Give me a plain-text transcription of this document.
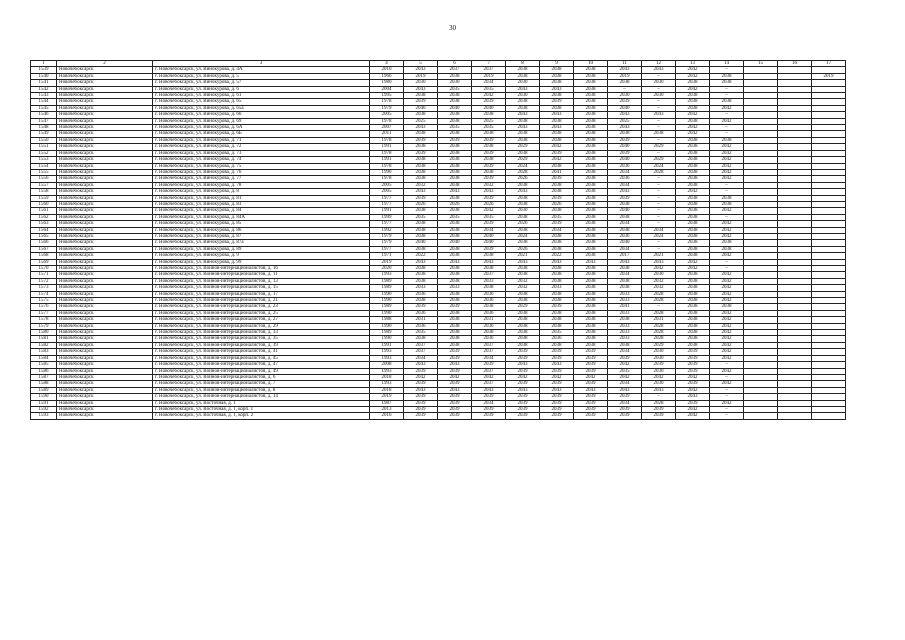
30
1	2	3	4	5	6	7	8	9	10	11	12	13	14	15	16	17
1539	Новочебоксарск	г. Новочебоксарск, ул. Винокурова, д. 4А	2010	2043	2037	2037	2038	2038	2038	2043	2043	2042	–			
1540	Новочебоксарск	г. Новочебоксарск, ул. Винокурова, д. 5	1966	2019	2038	2019	2038	2038	2038	2019	–	2042	2038			2019
1541	Новочебоксарск	г. Новочебоксарск, ул. Винокурова, д. 57	1980	2030	2030	2034	2030	2038	2038	2038	2030	2038	2038			
1542	Новочебоксарск	г. Новочебоксарск, ул. Винокурова, д. 6	2004	2043	2035	2035	2043	2043	2038	–	–	2042	–			
1543	Новочебоксарск	г. Новочебоксарск, ул. Винокурова, д. 61	1995	2038	2038	2042	2030	2038	2038	2030	2030	2038	–			
1544	Новочебоксарск	г. Новочебоксарск, ул. Винокурова, д. 65	1978	2039	2038	2039	2038	2039	2038	2039	–	2038	2038			
1545	Новочебоксарск	г. Новочебоксарск, ул. Винокурова, д. 65а	1979	2040	2040	2040	2038	2038	2038	2040	–	2038	2042			
1546	Новочебоксарск	г. Новочебоксарск, ул. Винокурова, д. 66	2005	2038	2038	2038	2043	2043	2038	2043	2043	2042	–			
1547	Новочебоксарск	г. Новочебоксарск, ул. Винокурова, д. 69	1978	2025	2038	2025	2038	2038	2038	2025	–	2038	2042			
1548	Новочебоксарск	г. Новочебоксарск, ул. Винокурова, д. 6А	2007	2043	2035	2035	2043	2043	2038	2043	–	2042	–			
1549	Новочебоксарск	г. Новочебоксарск, ул. Винокурова, д. 6Б	2011	2038	2038	2038	2038	2038	2038	2038	2038	2042	–			
1550	Новочебоксарск	г. Новочебоксарск, ул. Винокурова, д. 71	1978	2039	2039	2039	2038	2038	2038	2039	–	2038	2038			
1551	Новочебоксарск	г. Новочебоксарск, ул. Винокурова, д. 72	1991	2038	2038	2038	2029	2042	2038	2040	2029	2038	2042			
1552	Новочебоксарск	г. Новочебоксарск, ул. Винокурова, д. 73	1978	2039	2038	2039	2038	2039	2038	2039	–	2038	2042			
1553	Новочебоксарск	г. Новочебоксарск, ул. Винокурова, д. 74	1991	2038	2038	2038	2029	2042	2038	2040	2029	2038	2042			
1554	Новочебоксарск	г. Новочебоксарск, ул. Винокурова, д. 75	1978	2038	2038	2039	2024	2038	2038	2036	2024	2038	2042			
1555	Новочебоксарск	г. Новочебоксарск, ул. Винокурова, д. 76	1990	2038	2038	2038	2028	2041	2038	2034	2028	2038	2042			
1556	Новочебоксарск	г. Новочебоксарск, ул. Винокурова, д. 77	1978	2038	2038	2039	2026	2039	2038	2036	–	2038	2042			
1557	Новочебоксарск	г. Новочебоксарск, ул. Винокурова, д. 78	2005	2032	2038	2032	2038	2038	2038	2034	–	2038	–			
1558	Новочебоксарск	г. Новочебоксарск, ул. Винокурова, д. 8	2005	2043	2043	2043	2043	2038	2038	2043	–	2042	–			
1559	Новочебоксарск	г. Новочебоксарск, ул. Винокурова, д. 81	1977	2039	2038	2039	2038	2039	2038	2039	–	2038	2038			
1560	Новочебоксарск	г. Новочебоксарск, ул. Винокурова, д. 83	1977	2026	2026	2026	2038	2026	2038	2038	–	2038	2038			
1561	Новочебоксарск	г. Новочебоксарск, ул. Винокурова, д. 84	1991	2038	2038	2042	2030	2038	2038	2040	–	2038	2042			
1562	Новочебоксарск	г. Новочебоксарск, ул. Винокурова, д. 84А	1999	2035	2035	2035	2038	2035	2038	2038	–	2038	–			
1563	Новочебоксарск	г. Новочебоксарск, ул. Винокурова, д. 85	1977	2038	2038	2039	2026	2039	2038	2034	–	2038	2042			
1564	Новочебоксарск	г. Новочебоксарск, ул. Винокурова, д. 86	1992	2038	2038	2034	2038	2034	2038	2038	2034	2038	2042			
1565	Новочебоксарск	г. Новочебоксарск, ул. Винокурова, д. 87	1979	2038	2038	2040	2024	2038	2038	2036	2024	2038	2042			
1566	Новочебоксарск	г. Новочебоксарск, ул. Винокурова, д. 87а	1979	2040	2040	2040	2038	2038	2038	2040	–	2038	2038			
1567	Новочебоксарск	г. Новочебоксарск, ул. Винокурова, д. 89	1977	2038	2038	2039	2026	2038	2038	2034	–	2038	2038			
1568	Новочебоксарск	г. Новочебоксарск, ул. Винокурова, д. 9	1971	2022	2038	2038	2021	2022	2038	2017	2021	2038	2042			
1569	Новочебоксарск	г. Новочебоксарск, ул. Винокурова, д. 99	2019	2043	2043	2043	2043	2043	2043	2043	2043	2042	–			
1570	Новочебоксарск	г. Новочебоксарск, ул. Воинов-интернационалистов, д. 16	2020	2038	2038	2038	2038	2038	2038	2038	2042	2042	–			
1571	Новочебоксарск	г. Новочебоксарск, ул. Воинов-интернационалистов, д. 11	1993	2038	2038	2037	2038	2038	2038	2034	2030	2038	2042			
1572	Новочебоксарск	г. Новочебоксарск, ул. Воинов-интернационалистов, д. 13	1989	2038	2038	2033	2032	2038	2038	2038	2032	2038	2042			
1573	Новочебоксарск	г. Новочебоксарск, ул. Воинов-интернационалистов, д. 15	1989	2033	2033	2038	2032	2033	2038	2038	2032	2038	2042			
1574	Новочебоксарск	г. Новочебоксарск, ул. Воинов-интернационалистов, д. 17	1990	2036	2038	2036	2038	2038	2038	2033	2028	2038	2042			
1575	Новочебоксарск	г. Новочебоксарск, ул. Воинов-интернационалистов, д. 21	1990	2038	2038	2036	2038	2038	2038	2033	2028	2038	2042			
1576	Новочебоксарск	г. Новочебоксарск, ул. Воинов-интернационалистов, д. 23	1989	2039	2039	2038	2029	2039	2038	2041	–	2038	2038			
1577	Новочебоксарск	г. Новочебоксарск, ул. Воинов-интернационалистов, д. 25	1990	2036	2038	2036	2038	2038	2038	2033	2028	2038	2042			
1578	Новочебоксарск	г. Новочебоксарск, ул. Воинов-интернационалистов, д. 27	1988	2031	2038	2031	2038	2038	2038	2038	2031	2038	2042			
1579	Новочебоксарск	г. Новочебоксарск, ул. Воинов-интернационалистов, д. 29	1990	2036	2038	2036	2038	2038	2038	2033	2028	2038	2042			
1580	Новочебоксарск	г. Новочебоксарск, ул. Воинов-интернационалистов, д. 33	1989	2035	2038	2038	2038	2035	2038	2033	2028	2038	2042			
1581	Новочебоксарск	г. Новочебоксарск, ул. Воинов-интернационалистов, д. 35	1990	2038	2038	2036	2038	2036	2038	2033	2028	2038	2042			
1582	Новочебоксарск	г. Новочебоксарск, ул. Воинов-интернационалистов, д. 39	1991	2037	2038	2037	2038	2038	2038	2038	2029	2038	2042			
1583	Новочебоксарск	г. Новочебоксарск, ул. Воинов-интернационалистов, д. 41	1993	2037	2039	2037	2039	2039	2039	2034	2030	2039	2042			
1584	Новочебоксарск	г. Новочебоксарск, ул. Воинов-интернационалистов, д. 45	1993	2034	2039	2034	2039	2039	2039	2039	2030	2039	2042			
1585	Новочебоксарск	г. Новочебоксарск, ул. Воинов-интернационалистов, д. 47	2008	2043	2043	2039	2043	2043	2039	2042	2039	2039	–			
1586	Новочебоксарск	г. Новочебоксарск, ул. Воинов-интернационалистов, д. 49	1993	2039	2039	2037	2039	2039	2039	2035	2030	2039	2042			
1587	Новочебоксарск	г. Новочебоксарск, ул. Воинов-интернационалистов, д. 6	2018	2042	2042	2042	2042	2042	2042	2042	2042	2042	–			
1588	Новочебоксарск	г. Новочебоксарск, ул. Воинов-интернационалистов, д. 7	1993	2039	2039	2037	2039	2039	2039	2034	2030	2039	2042			
1589	Новочебоксарск	г. Новочебоксарск, ул. Воинов-интернационалистов, д. 8	2018	2043	2043	2043	2043	2043	2043	2043	2043	2042	–			
1590	Новочебоксарск	г. Новочебоксарск, ул. Воинов-интернационалистов, д. 14	2019	2039	2039	2039	2039	2039	2039	2039	–	2043	–			
1591	Новочебоксарск	г. Новочебоксарск, ул. Восточная, д. 1	1987	2039	2039	2034	2039	2039	2039	2034	2028	2039	2042			
1592	Новочебоксарск	г. Новочебоксарск, ул. Восточная, д. 1, корп. 1	2013	2039	2039	2039	2039	2039	2039	2039	2039	2042	–			
1593	Новочебоксарск	г. Новочебоксарск, ул. Восточная, д. 1, корп. 2	2016	2039	2039	2039	2039	2039	2039	2039	2039	2042	–			
